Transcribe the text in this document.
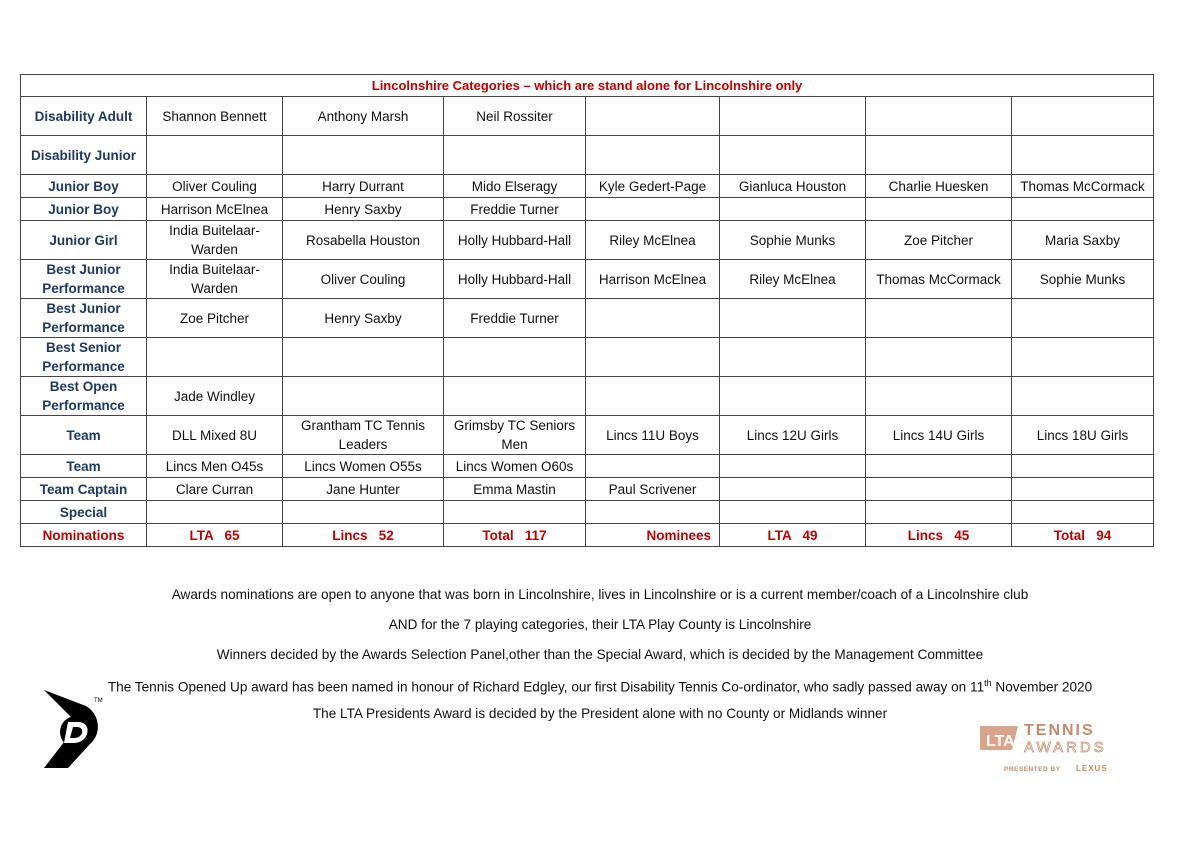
Lincolnshire Categories – which are stand alone for Lincolnshire only							
Disability Adult	Shannon Bennett	Anthony Marsh	Neil Rossiter				
Disability Junior							
Junior Boy	Oliver Couling	Harry Durrant	Mido Elseragy	Kyle Gedert-Page	Gianluca Houston	Charlie Huesken	Thomas McCormack
Junior Boy	Harrison McElnea	Henry Saxby	Freddie Turner				
Junior Girl	India Buitelaar-Warden	Rosabella Houston	Holly Hubbard-Hall	Riley McElnea	Sophie Munks	Zoe Pitcher	Maria Saxby
Best Junior Performance	India Buitelaar-Warden	Oliver Couling	Holly Hubbard-Hall	Harrison McElnea	Riley McElnea	Thomas McCormack	Sophie Munks
Best Junior Performance	Zoe Pitcher	Henry Saxby	Freddie Turner				
Best Senior Performance							
Best Open Performance	Jade Windley						
Team	DLL Mixed 8U	Grantham TC Tennis Leaders	Grimsby TC Seniors Men	Lincs 11U Boys	Lincs 12U Girls	Lincs 14U Girls	Lincs 18U Girls
Team	Lincs Men O45s	Lincs Women O55s	Lincs Women O60s				
Team Captain	Clare Curran	Jane Hunter	Emma Mastin	Paul Scrivener			
Special							
Nominations	LTA   65	Lincs   52	Total   117	Nominees	LTA   49	Lincs   45	Total   94

Awards nominations are open to anyone that was born in Lincolnshire, lives in Lincolnshire or is a current member/coach of a Lincolnshire club

AND for the 7 playing categories, their LTA Play County is Lincolnshire

Winners decided by the Awards Selection Panel,other than the Special Award, which is decided by the Management Committee

The Tennis Opened Up award has been named in honour of Richard Edgley, our first Disability Tennis Co-ordinator, who sadly passed away on 11th November 2020

The LTA Presidents Award is decided by the President alone with no County or Midlands winner

TM
LTA
TENNIS
AWARDS
PRESENTED BY LEXUS
